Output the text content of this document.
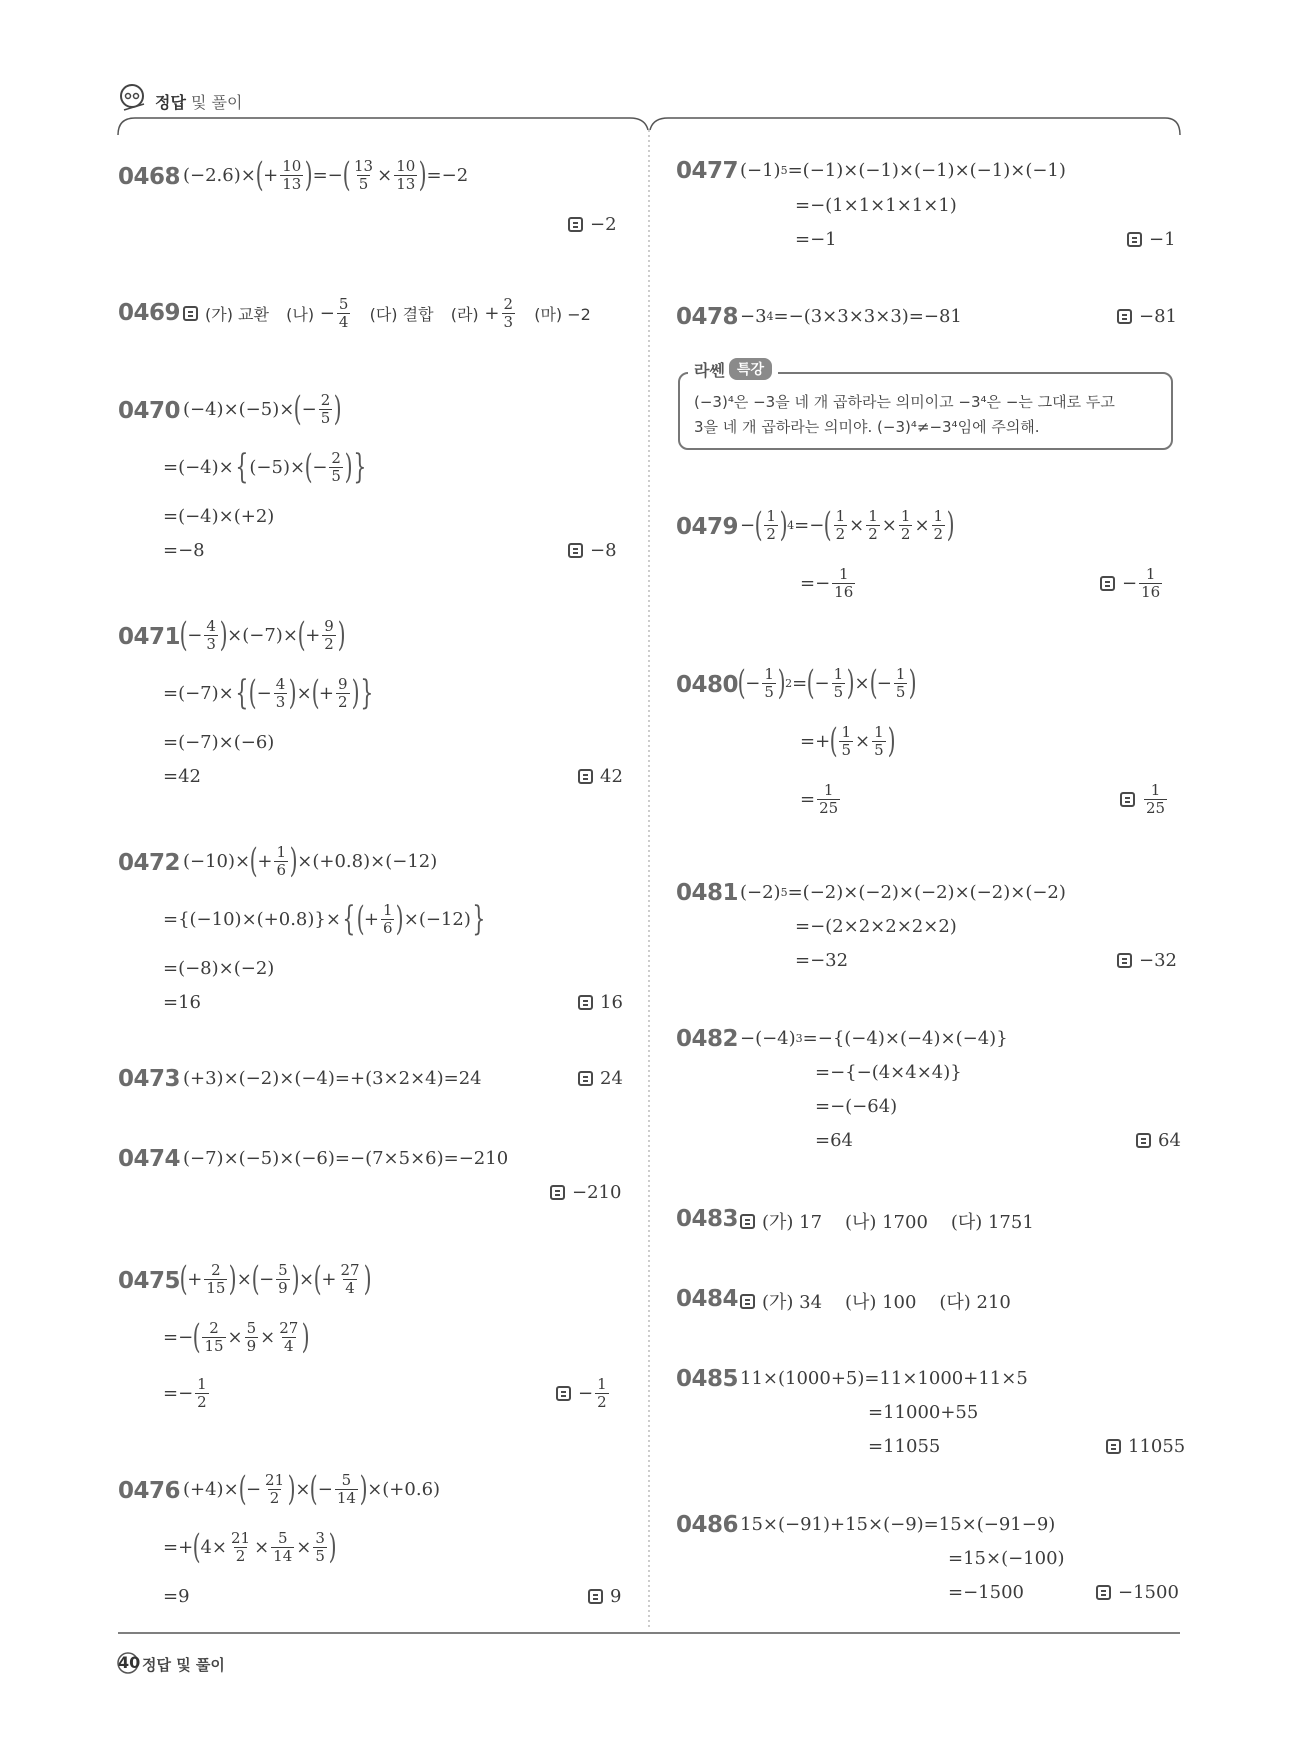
정답 및 풀이
0468 (−2.6)× ( + $\frac{10}{13}$ ) =− ( $\frac{13}{5} \times \frac{10}{13}$ ) =−2
−2
0469 (가) 교환
(나) − $\frac{5}{4}$
(다) 결합
(라) + $\frac{2}{3}$
(마) −2
0470 (−4)×(−5)× ( − $\frac{2}{5}$ )
=(−4)× { (−5)× ( − $\frac{2}{5}$ ) }
=(−4)×(+2)
=−8	−8
0471 ( − $\frac{4}{3}$ ) ×(−7)× ( + $\frac{9}{2}$ )
=(−7)× { ( − $\frac{4}{3}$ ) × ( + $\frac{9}{2}$ ) }
=(−7)×(−6)
=42	42
0472 (−10)× ( + $\frac{1}{6}$ ) ×(+0.8)×(−12)
={(−10)×(+0.8)}× { ( + $\frac{1}{6}$ ) ×(−12) }
=(−8)×(−2)
=16	16
0473 (+3)×(−2)×(−4)=+(3×2×4)=24	24
0474 (−7)×(−5)×(−6)=−(7×5×6)=−210
−210
0475 ( + $\frac{2}{15}$ ) × ( − $\frac{5}{9}$ ) × ( + $\frac{27}{4}$ )
=− ( $\frac{2}{15} \times \frac{5}{9} \times \frac{27}{4}$ )
=− $\frac{1}{2}$	− $\frac{1}{2}$
0476 (+4)× ( − $\frac{21}{2}$ ) × ( − $\frac{5}{14}$ ) ×(+0.6)
=+ ( $4\times \frac{21}{2} \times \frac{5}{14} \times \frac{3}{5}$ )
=9	9
0477 (−1) 5 =(−1)×(−1)×(−1)×(−1)×(−1)
=−(1×1×1×1×1)
=−1	−1
0478 −3 4 =−(3×3×3×3)=−81	−81
라쎈 특강
(−3)⁴은 −3을 네 개 곱하라는 의미이고 −3⁴은 −는 그대로 두고
3을 네 개 곱하라는 의미야. (−3)⁴≠−3⁴임에 주의해.
0479 − ( $\frac{1}{2}$ ) 4 =− ( $\frac{1}{2} \times \frac{1}{2} \times \frac{1}{2} \times \frac{1}{2}$ )
=− $\frac{1}{16}$	− $\frac{1}{16}$
0480 ( − $\frac{1}{5}$ ) 2 = ( − $\frac{1}{5}$ ) × ( − $\frac{1}{5}$ )
=+ ( $\frac{1}{5} \times \frac{1}{5}$ )
= $\frac{1}{25}$	$\frac{1}{25}$
0481 (−2) 5 =(−2)×(−2)×(−2)×(−2)×(−2)
=−(2×2×2×2×2)
=−32	−32
0482 −(−4) 3 =−{(−4)×(−4)×(−4)}
=−{−(4×4×4)}
=−(−64)
=64	64
0483 (가) 17
(나) 1700
(다) 1751
0484 (가) 34
(나) 100
(다) 210
0485 11×(1000+5)=11×1000+11×5
=11000+55
=11055	11055
0486 15×(−91)+15×(−9)=15×(−91−9)
=15×(−100)
=−1500	−1500
40 정답 및 풀이
